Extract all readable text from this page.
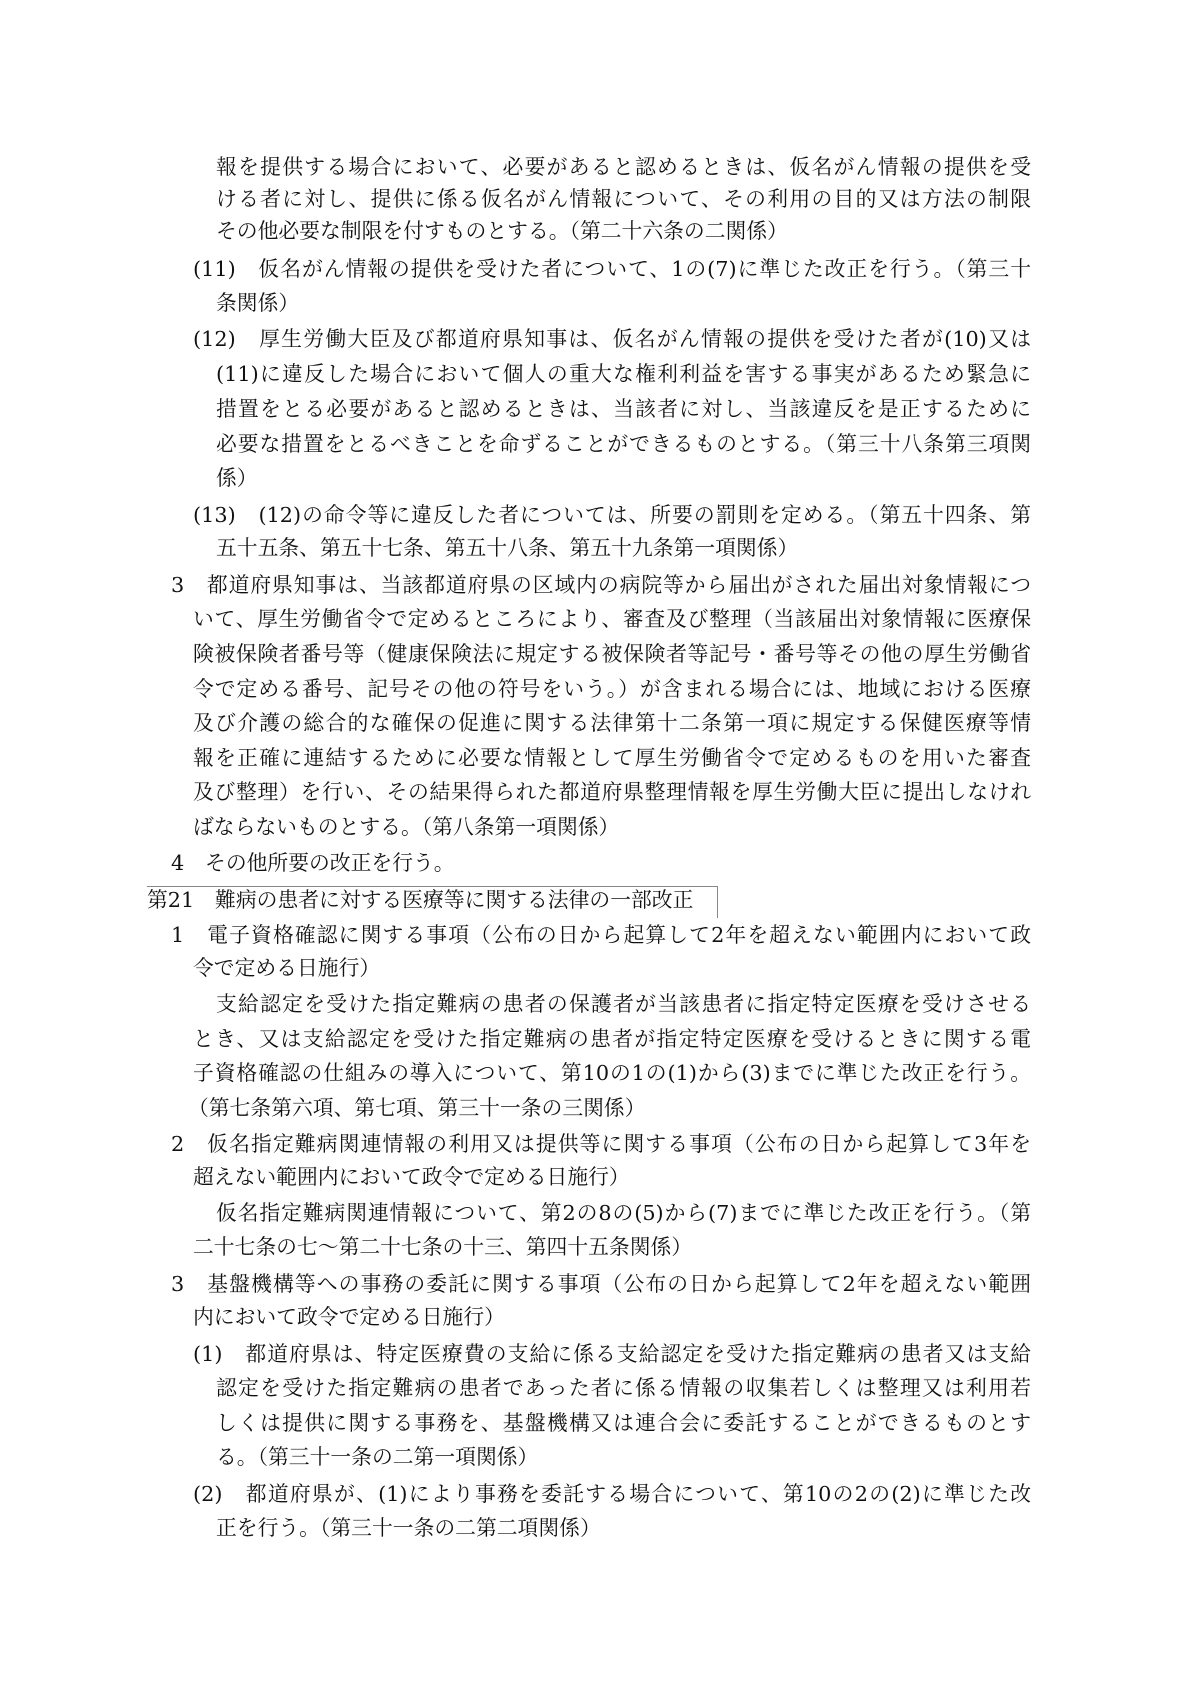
報を提供する場合において、必要があると認めるときは、仮名がん情報の提供を受
ける者に対し、提供に係る仮名がん情報について、その利用の目的又は方法の制限
その他必要な制限を付すものとする。（第二十六条の二関係）
(11)　仮名がん情報の提供を受けた者について、1の(7)に準じた改正を行う。（第三十
条関係）
(12)　厚生労働大臣及び都道府県知事は、仮名がん情報の提供を受けた者が(10)又は
(11)に違反した場合において個人の重大な権利利益を害する事実があるため緊急に
措置をとる必要があると認めるときは、当該者に対し、当該違反を是正するために
必要な措置をとるべきことを命ずることができるものとする。（第三十八条第三項関
係）
(13)　(12)の命令等に違反した者については、所要の罰則を定める。（第五十四条、第
五十五条、第五十七条、第五十八条、第五十九条第一項関係）
3　都道府県知事は、当該都道府県の区域内の病院等から届出がされた届出対象情報につ
いて、厚生労働省令で定めるところにより、審査及び整理（当該届出対象情報に医療保
険被保険者番号等（健康保険法に規定する被保険者等記号・番号等その他の厚生労働省
令で定める番号、記号その他の符号をいう。）が含まれる場合には、地域における医療
及び介護の総合的な確保の促進に関する法律第十二条第一項に規定する保健医療等情
報を正確に連結するために必要な情報として厚生労働省令で定めるものを用いた審査
及び整理）を行い、その結果得られた都道府県整理情報を厚生労働大臣に提出しなけれ
ばならないものとする。（第八条第一項関係）
4　その他所要の改正を行う。
第21　難病の患者に対する医療等に関する法律の一部改正
1　電子資格確認に関する事項（公布の日から起算して2年を超えない範囲内において政
令で定める日施行）
支給認定を受けた指定難病の患者の保護者が当該患者に指定特定医療を受けさせる
とき、又は支給認定を受けた指定難病の患者が指定特定医療を受けるときに関する電
子資格確認の仕組みの導入について、第10の1の(1)から(3)までに準じた改正を行う。
（第七条第六項、第七項、第三十一条の三関係）
2　仮名指定難病関連情報の利用又は提供等に関する事項（公布の日から起算して3年を
超えない範囲内において政令で定める日施行）
仮名指定難病関連情報について、第2の8の(5)から(7)までに準じた改正を行う。（第
二十七条の七～第二十七条の十三、第四十五条関係）
3　基盤機構等への事務の委託に関する事項（公布の日から起算して2年を超えない範囲
内において政令で定める日施行）
(1)　都道府県は、特定医療費の支給に係る支給認定を受けた指定難病の患者又は支給
認定を受けた指定難病の患者であった者に係る情報の収集若しくは整理又は利用若
しくは提供に関する事務を、基盤機構又は連合会に委託することができるものとす
る。（第三十一条の二第一項関係）
(2)　都道府県が、(1)により事務を委託する場合について、第10の2の(2)に準じた改
正を行う。（第三十一条の二第二項関係）
